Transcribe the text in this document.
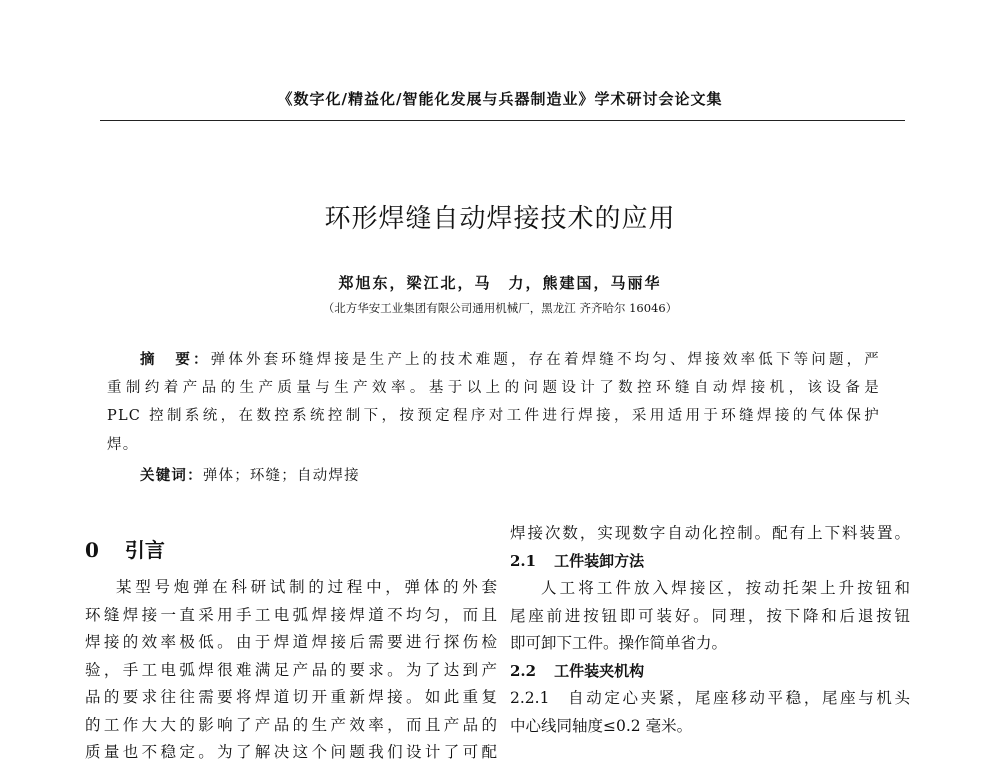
《数字化/精益化/智能化发展与兵器制造业》学术研讨会论文集
环形焊缝自动焊接技术的应用
郑旭东，梁江北，马　力，熊建国，马丽华
（北方华安工业集团有限公司通用机械厂，黑龙江 齐齐哈尔 16046）
摘　要：弹体外套环缝焊接是生产上的技术难题，存在着焊缝不均匀、焊接效率低下等问题，严
重制约着产品的生产质量与生产效率。基于以上的问题设计了数控环缝自动焊接机，该设备是
PLC 控制系统，在数控系统控制下，按预定程序对工件进行焊接，采用适用于环缝焊接的气体保护
焊。
关键词：弹体；环缝；自动焊接
0 引言
某型号炮弹在科研试制的过程中，弹体的外套
环缝焊接一直采用手工电弧焊接焊道不均匀，而且
焊接的效率极低。由于焊道焊接后需要进行探伤检
验，手工电弧焊很难满足产品的要求。为了达到产
品的要求往往需要将焊道切开重新焊接。如此重复
的工作大大的影响了产品的生产效率，而且产品的
质量也不稳定。为了解决这个问题我们设计了可配
焊接次数，实现数字自动化控制。配有上下料装置。
2.1 工件装卸方法
人工将工件放入焊接区，按动托架上升按钮和
尾座前进按钮即可装好。同理，按下降和后退按钮
即可卸下工件。操作简单省力。
2.2 工件装夹机构
2.2.1 自动定心夹紧，尾座移动平稳，尾座与机头
中心线同轴度≤0.2 毫米。
